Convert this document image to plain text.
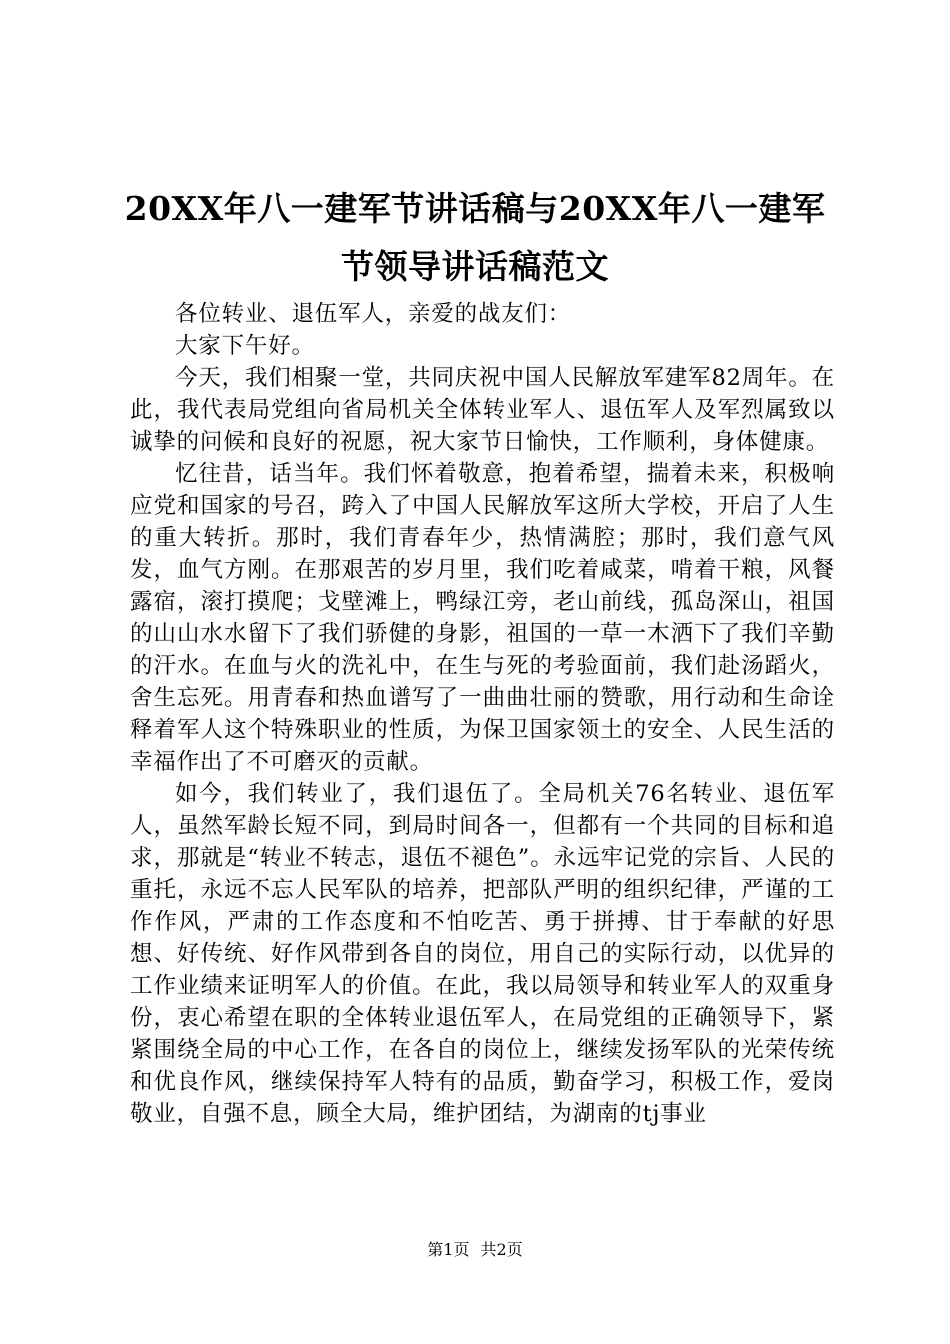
20XX年八一建军节讲话稿与20XX年八一建军
节领导讲话稿范文

各位转业、退伍军人，亲爱的战友们：

大家下午好。

今天，我们相聚一堂，共同庆祝中国人民解放军建军82周年。在此，我代表局党组向省局机关全体转业军人、退伍军人及军烈属致以诚挚的问候和良好的祝愿，祝大家节日愉快，工作顺利，身体健康。

忆往昔，话当年。我们怀着敬意，抱着希望，揣着未来，积极响应党和国家的号召，跨入了中国人民解放军这所大学校，开启了人生的重大转折。那时，我们青春年少，热情满腔；那时，我们意气风发，血气方刚。在那艰苦的岁月里，我们吃着咸菜，啃着干粮，风餐露宿，滚打摸爬；戈壁滩上，鸭绿江旁，老山前线，孤岛深山，祖国的山山水水留下了我们骄健的身影，祖国的一草一木洒下了我们辛勤的汗水。在血与火的洗礼中，在生与死的考验面前，我们赴汤蹈火，舍生忘死。用青春和热血谱写了一曲曲壮丽的赞歌，用行动和生命诠释着军人这个特殊职业的性质，为保卫国家领土的安全、人民生活的幸福作出了不可磨灭的贡献。

如今，我们转业了，我们退伍了。全局机关76名转业、退伍军人，虽然军龄长短不同，到局时间各一，但都有一个共同的目标和追求，那就是“转业不转志，退伍不褪色”。永远牢记党的宗旨、人民的重托，永远不忘人民军队的培养，把部队严明的组织纪律，严谨的工作作风，严肃的工作态度和不怕吃苦、勇于拼搏、甘于奉献的好思想、好传统、好作风带到各自的岗位，用自己的实际行动，以优异的工作业绩来证明军人的价值。在此，我以局领导和转业军人的双重身份，衷心希望在职的全体转业退伍军人，在局党组的正确领导下，紧紧围绕全局的中心工作，在各自的岗位上，继续发扬军队的光荣传统和优良作风，继续保持军人特有的品质，勤奋学习，积极工作，爱岗敬业，自强不息，顾全大局，维护团结，为湖南的tj事业

第1页 共2页
